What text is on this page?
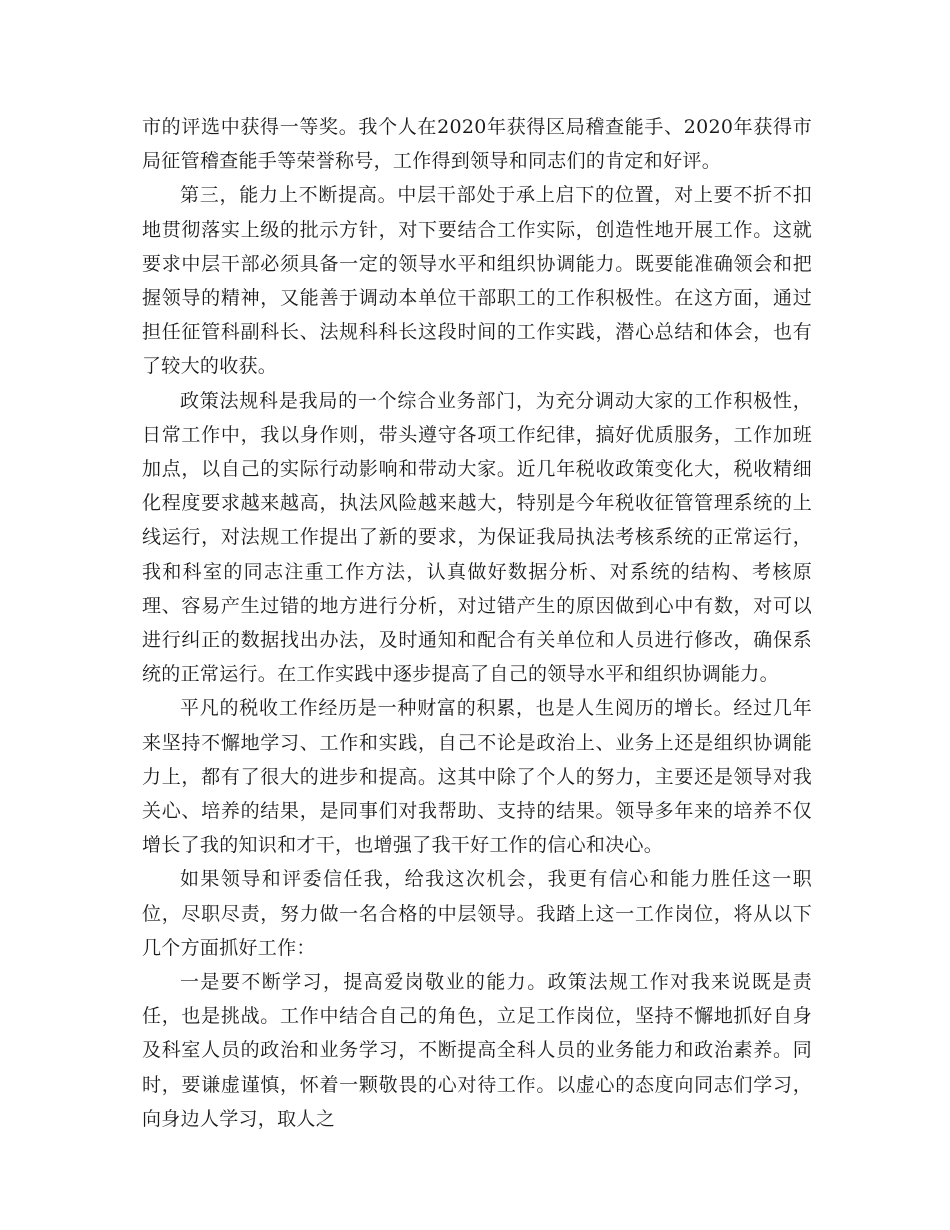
市的评选中获得一等奖。我个人在2020年获得区局稽查能手、2020年获得市局征管稽查能手等荣誉称号，工作得到领导和同志们的肯定和好评。

第三，能力上不断提高。中层干部处于承上启下的位置，对上要不折不扣地贯彻落实上级的批示方针，对下要结合工作实际，创造性地开展工作。这就要求中层干部必须具备一定的领导水平和组织协调能力。既要能准确领会和把握领导的精神，又能善于调动本单位干部职工的工作积极性。在这方面，通过担任征管科副科长、法规科科长这段时间的工作实践，潜心总结和体会，也有了较大的收获。

政策法规科是我局的一个综合业务部门，为充分调动大家的工作积极性，日常工作中，我以身作则，带头遵守各项工作纪律，搞好优质服务，工作加班加点，以自己的实际行动影响和带动大家。近几年税收政策变化大，税收精细化程度要求越来越高，执法风险越来越大，特别是今年税收征管管理系统的上线运行，对法规工作提出了新的要求，为保证我局执法考核系统的正常运行，我和科室的同志注重工作方法，认真做好数据分析、对系统的结构、考核原理、容易产生过错的地方进行分析，对过错产生的原因做到心中有数，对可以进行纠正的数据找出办法，及时通知和配合有关单位和人员进行修改，确保系统的正常运行。在工作实践中逐步提高了自己的领导水平和组织协调能力。

平凡的税收工作经历是一种财富的积累，也是人生阅历的增长。经过几年来坚持不懈地学习、工作和实践，自己不论是政治上、业务上还是组织协调能力上，都有了很大的进步和提高。这其中除了个人的努力，主要还是领导对我关心、培养的结果，是同事们对我帮助、支持的结果。领导多年来的培养不仅增长了我的知识和才干，也增强了我干好工作的信心和决心。

如果领导和评委信任我，给我这次机会，我更有信心和能力胜任这一职位，尽职尽责，努力做一名合格的中层领导。我踏上这一工作岗位，将从以下几个方面抓好工作：

一是要不断学习，提高爱岗敬业的能力。政策法规工作对我来说既是责任，也是挑战。工作中结合自己的角色，立足工作岗位，坚持不懈地抓好自身及科室人员的政治和业务学习，不断提高全科人员的业务能力和政治素养。同时，要谦虚谨慎，怀着一颗敬畏的心对待工作。以虚心的态度向同志们学习，向身边人学习，取人之
